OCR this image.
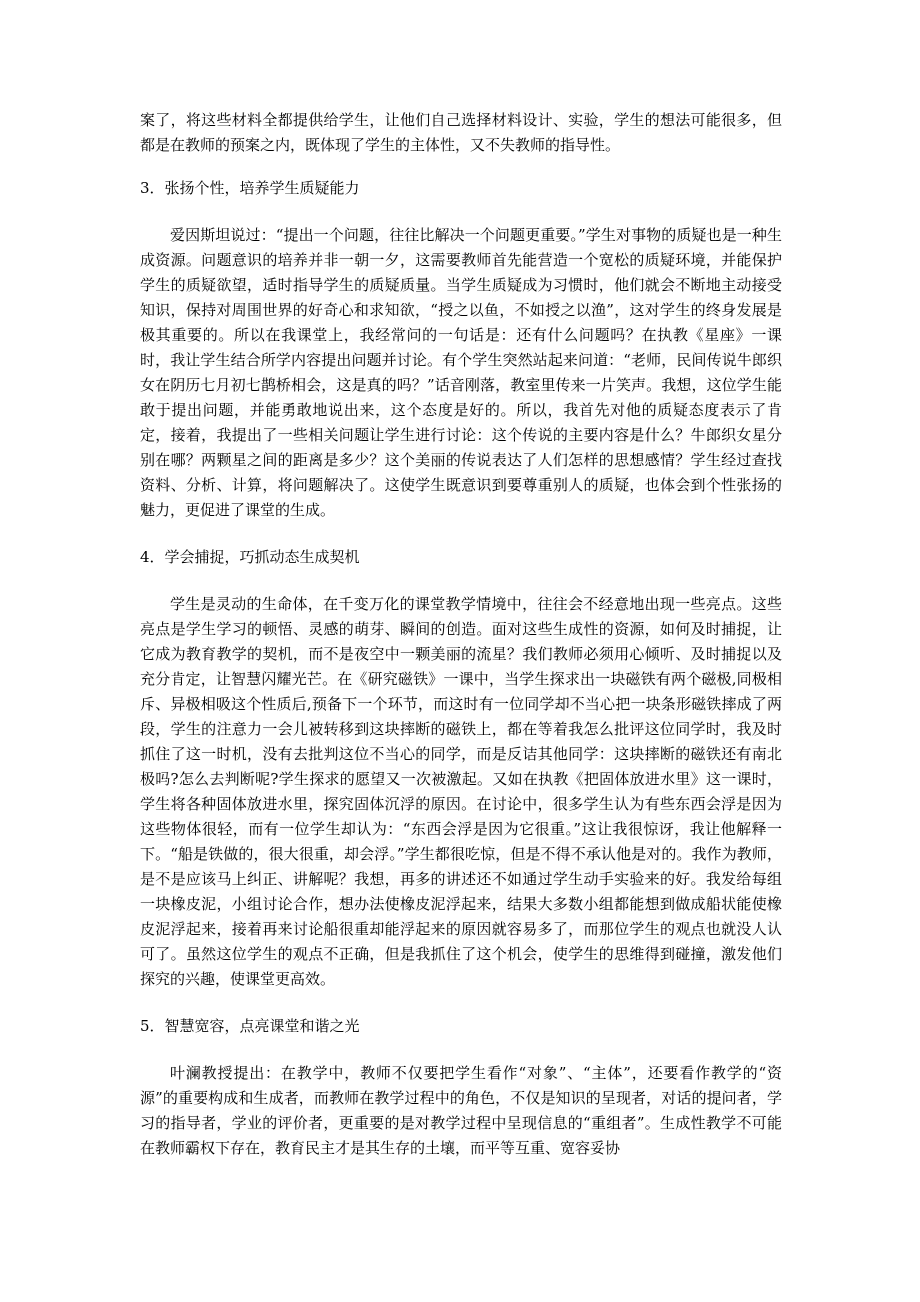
案了，将这些材料全都提供给学生，让他们自己选择材料设计、实验，学生的想法可能很多，但都是在教师的预案之内，既体现了学生的主体性，又不失教师的指导性。

3．张扬个性，培养学生质疑能力

爱因斯坦说过：“提出一个问题，往往比解决一个问题更重要。”学生对事物的质疑也是一种生成资源。问题意识的培养并非一朝一夕，这需要教师首先能营造一个宽松的质疑环境，并能保护学生的质疑欲望，适时指导学生的质疑质量。当学生质疑成为习惯时，他们就会不断地主动接受知识，保持对周围世界的好奇心和求知欲，“授之以鱼，不如授之以渔”，这对学生的终身发展是极其重要的。所以在我课堂上，我经常问的一句话是：还有什么问题吗？在执教《星座》一课时，我让学生结合所学内容提出问题并讨论。有个学生突然站起来问道：“老师，民间传说牛郎织女在阴历七月初七鹊桥相会，这是真的吗？”话音刚落，教室里传来一片笑声。我想，这位学生能敢于提出问题，并能勇敢地说出来，这个态度是好的。所以，我首先对他的质疑态度表示了肯定，接着，我提出了一些相关问题让学生进行讨论：这个传说的主要内容是什么？牛郎织女星分别在哪？两颗星之间的距离是多少？这个美丽的传说表达了人们怎样的思想感情？学生经过查找资料、分析、计算，将问题解决了。这使学生既意识到要尊重别人的质疑，也体会到个性张扬的魅力，更促进了课堂的生成。

4．学会捕捉，巧抓动态生成契机

学生是灵动的生命体，在千变万化的课堂教学情境中，往往会不经意地出现一些亮点。这些亮点是学生学习的顿悟、灵感的萌芽、瞬间的创造。面对这些生成性的资源，如何及时捕捉，让它成为教育教学的契机，而不是夜空中一颗美丽的流星？我们教师必须用心倾听、及时捕捉以及充分肯定，让智慧闪耀光芒。在《研究磁铁》一课中，当学生探求出一块磁铁有两个磁极,同极相斥、异极相吸这个性质后,预备下一个环节，而这时有一位同学却不当心把一块条形磁铁摔成了两段，学生的注意力一会儿被转移到这块摔断的磁铁上，都在等着我怎么批评这位同学时，我及时抓住了这一时机，没有去批判这位不当心的同学，而是反诘其他同学：这块摔断的磁铁还有南北极吗?怎么去判断呢?学生探求的愿望又一次被激起。又如在执教《把固体放进水里》这一课时，学生将各种固体放进水里，探究固体沉浮的原因。在讨论中，很多学生认为有些东西会浮是因为这些物体很轻，而有一位学生却认为：“东西会浮是因为它很重。”这让我很惊讶，我让他解释一下。“船是铁做的，很大很重，却会浮。”学生都很吃惊，但是不得不承认他是对的。我作为教师，是不是应该马上纠正、讲解呢？我想，再多的讲述还不如通过学生动手实验来的好。我发给每组一块橡皮泥，小组讨论合作，想办法使橡皮泥浮起来，结果大多数小组都能想到做成船状能使橡皮泥浮起来，接着再来讨论船很重却能浮起来的原因就容易多了，而那位学生的观点也就没人认可了。虽然这位学生的观点不正确，但是我抓住了这个机会，使学生的思维得到碰撞，激发他们探究的兴趣，使课堂更高效。

5．智慧宽容，点亮课堂和谐之光

叶澜教授提出：在教学中，教师不仅要把学生看作“对象”、“主体”，还要看作教学的“资源”的重要构成和生成者，而教师在教学过程中的角色，不仅是知识的呈现者，对话的提问者，学习的指导者，学业的评价者，更重要的是对教学过程中呈现信息的“重组者”。生成性教学不可能在教师霸权下存在，教育民主才是其生存的土壤，而平等互重、宽容妥协
